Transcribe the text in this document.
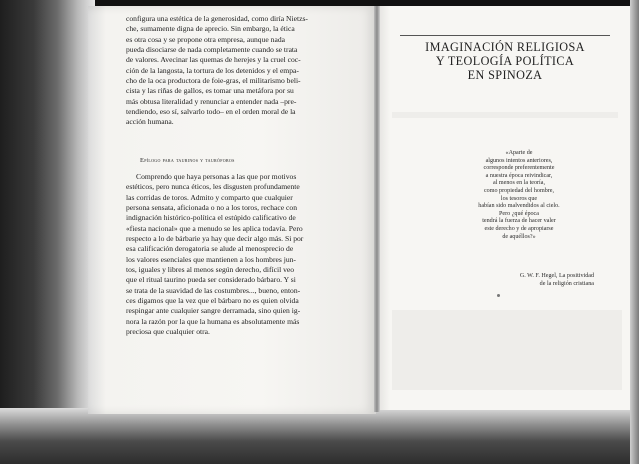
configura una estética de la generosidad, como diría Nietzs-
che, sumamente digna de aprecio. Sin embargo, la ética
es otra cosa y se propone otra empresa, aunque nada
pueda disociarse de nada completamente cuando se trata
de valores. Avecinar las quemas de herejes y la cruel coc-
ción de la langosta, la tortura de los detenidos y el empa-
cho de la oca productora de foie-gras, el militarismo beli-
cista y las riñas de gallos, es tomar una metáfora por su
más obtusa literalidad y renunciar a entender nada –pre-
tendiendo, eso sí, salvarlo todo– en el orden moral de la
acción humana.
Epílogo para taurinos y taurófobos
Comprendo que haya personas a las que por motivos
estéticos, pero nunca éticos, les disgusten profundamente
las corridas de toros. Admito y comparto que cualquier
persona sensata, aficionada o no a los toros, rechace con
indignación histórico-política el estúpido calificativo de
«fiesta nacional» que a menudo se les aplica todavía. Pero
respecto a lo de bárbarie ya hay que decir algo más. Si por
esa calificación derogatoria se alude al menosprecio de
los valores esenciales que mantienen a los hombres jun-
tos, iguales y libres al menos según derecho, difícil veo
que el ritual taurino pueda ser considerado bárbaro. Y si
se trata de la suavidad de las costumbres..., bueno, enton-
ces digamos que la vez que el bárbaro no es quien olvida
respingar ante cualquier sangre derramada, sino quien ig-
nora la razón por la que la humana es absolutamente más
preciosa que cualquier otra.
IMAGINACIÓN RELIGIOSA
Y TEOLOGÍA POLÍTICA
EN SPINOZA
«Aparte de
algunos intentos anteriores,
corresponde preferentemente
a nuestra época reivindicar,
al menos en la teoría,
como propiedad del hombre,
los tesoros que
habían sido malvendidos al cielo.
Pero ¿qué época
tendrá la fuerza de hacer valer
este derecho y de apropiarse
de aquéllos?»
G. W. F. Hegel, La positividad
de la religión cristiana
